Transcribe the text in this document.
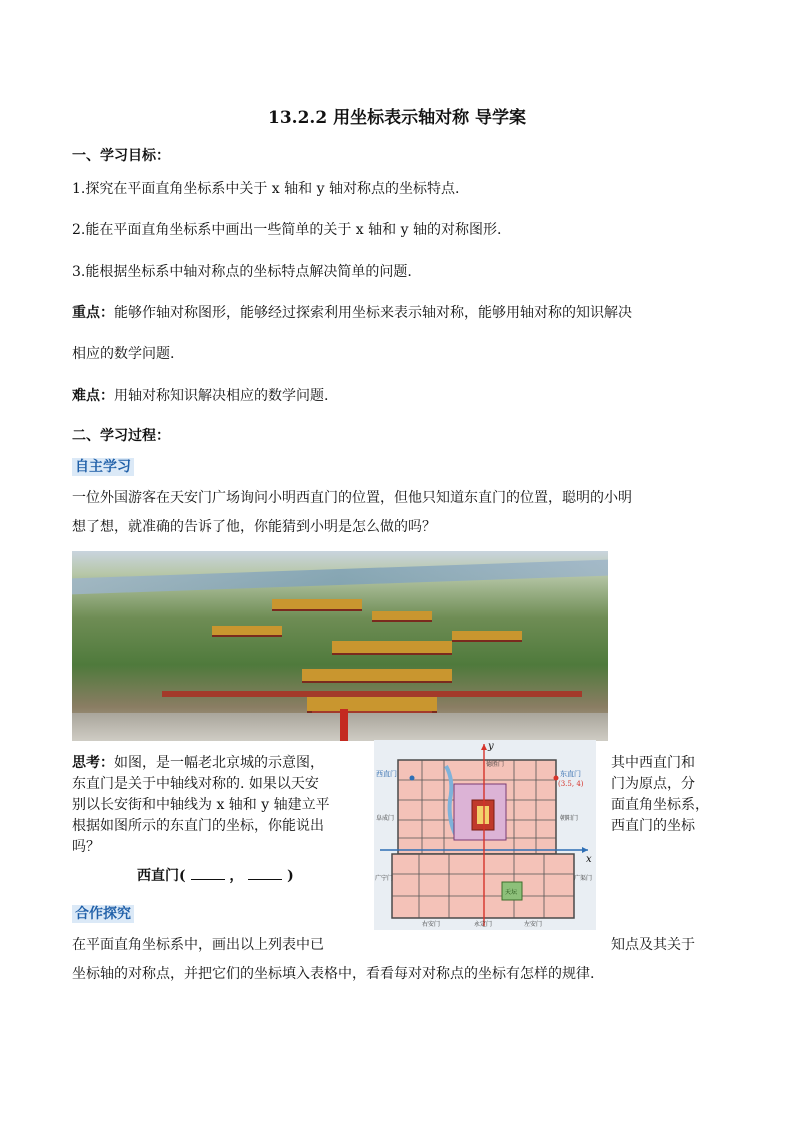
13.2.2 用坐标表示轴对称 导学案
一、学习目标：
1.探究在平面直角坐标系中关于 x 轴和 y 轴对称点的坐标特点.
2.能在平面直角坐标系中画出一些简单的关于 x 轴和 y 轴的对称图形.
3.能根据坐标系中轴对称点的坐标特点解决简单的问题.
重点：能够作轴对称图形，能够经过探索利用坐标来表示轴对称，能够用轴对称的知识解决
相应的数学问题.
难点：用轴对称知识解决相应的数学问题.
二、学习过程：
自主学习
一位外国游客在天安门广场询问小明西直门的位置，但他只知道东直门的位置，聪明的小明
想了想，就准确的告诉了他，你能猜到小明是怎么做的吗？
思考：如图，是一幅老北京城的示意图，	其中西直门和
东直门是关于中轴线对称的. 如果以天安	门为原点，分
别以长安街和中轴线为 x 轴和 y 轴建立平	面直角坐标系，
根据如图所示的东直门的坐标，你能说出	西直门的坐标
吗？
西直门(	，	)
y
x
西直门	东直门
(3.5, 4)
德胜门
朝阳门
阜成门
广宁门	广渠门
永定门
右安门	左安门
天坛
合作探究
在平面直角坐标系中，画出以上列表中已	知点及其关于
坐标轴的对称点，并把它们的坐标填入表格中，看看每对对称点的坐标有怎样的规律.
